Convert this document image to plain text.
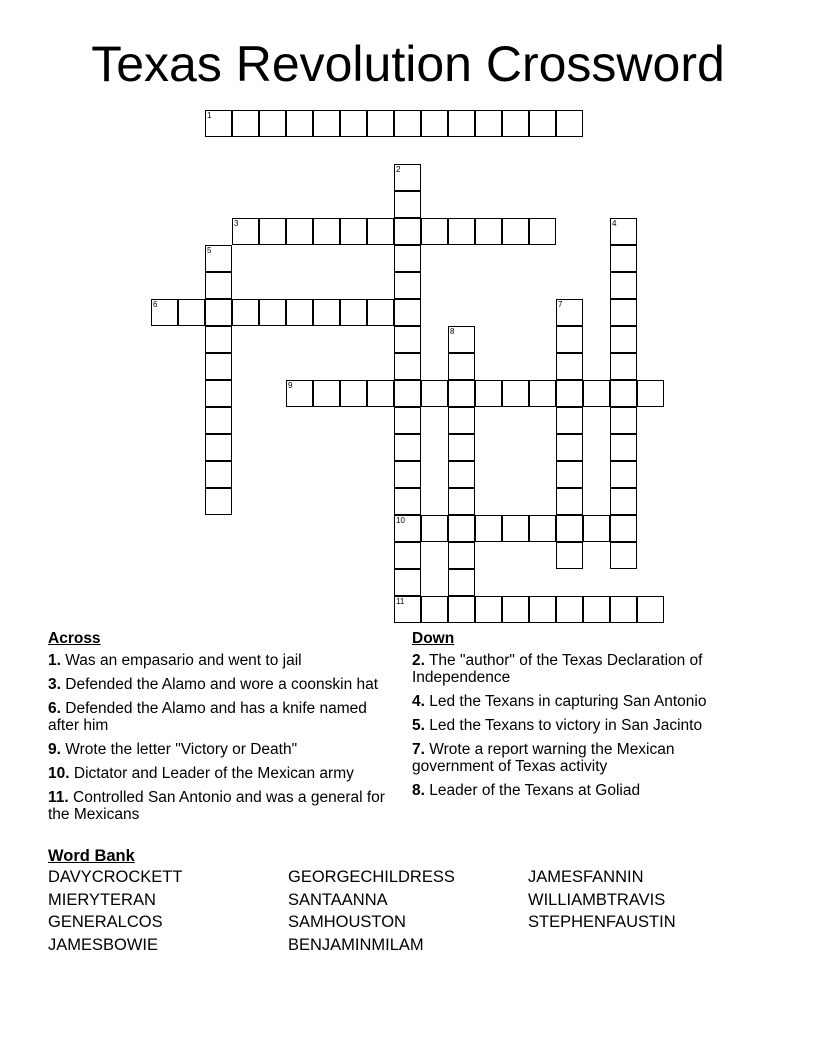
Texas Revolution Crossword
1
2
10
3	4
5
6	7
8
9
11
Across
1. Was an empasario and went to jail
3. Defended the Alamo and wore a coonskin hat
6. Defended the Alamo and has a knife named after him
9. Wrote the letter "Victory or Death"
10. Dictator and Leader of the Mexican army
11. Controlled San Antonio and was a general for the Mexicans
Down
2. The "author" of the Texas Declaration of Independence
4. Led the Texans in capturing San Antonio
5. Led the Texans to victory in San Jacinto
7. Wrote a report warning the Mexican government of Texas activity
8. Leader of the Texans at Goliad
Word Bank
DAVYCROCKETT
MIERYTERAN
GENERALCOS
JAMESBOWIE
GEORGECHILDRESS
SANTAANNA
SAMHOUSTON
BENJAMINMILAM
JAMESFANNIN
WILLIAMBTRAVIS
STEPHENFAUSTIN
